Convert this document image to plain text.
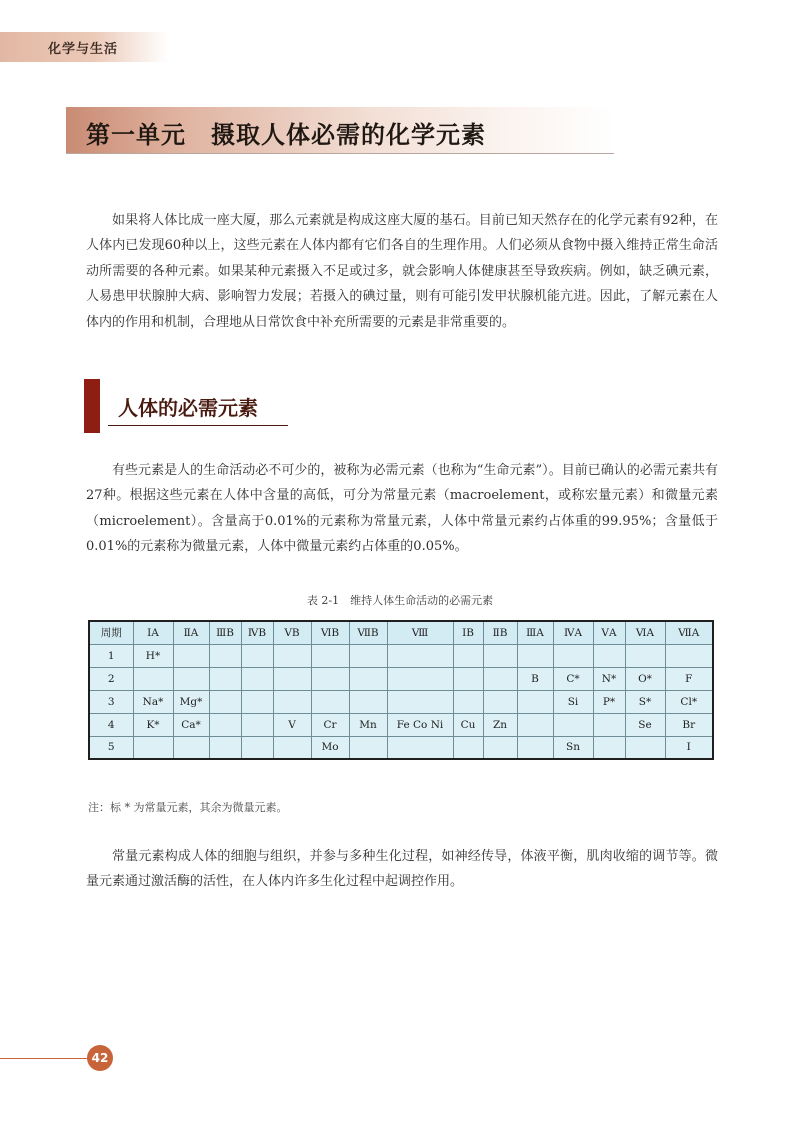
化学与生活
第一单元　摄取人体必需的化学元素

如果将人体比成一座大厦，那么元素就是构成这座大厦的基石。目前已知天然存在的化学元素有92种，在人体内已发现60种以上，这些元素在人体内都有它们各自的生理作用。人们必须从食物中摄入维持正常生命活动所需要的各种元素。如果某种元素摄入不足或过多，就会影响人体健康甚至导致疾病。例如，缺乏碘元素，人易患甲状腺肿大病、影响智力发展；若摄入的碘过量，则有可能引发甲状腺机能亢进。因此，了解元素在人体内的作用和机制，合理地从日常饮食中补充所需要的元素是非常重要的。

人体的必需元素

有些元素是人的生命活动必不可少的，被称为必需元素（也称为“生命元素”）。目前已确认的必需元素共有27种。根据这些元素在人体中含量的高低，可分为常量元素（macroelement，或称宏量元素）和微量元素（microelement）。含量高于0.01%的元素称为常量元素，人体中常量元素约占体重的99.95%；含量低于0.01%的元素称为微量元素，人体中微量元素约占体重的0.05%。

表 2-1　维持人体生命活动的必需元素
周期	ⅠA	ⅡA	ⅢB	ⅣB	ⅤB	ⅥB	ⅦB	Ⅷ	ⅠB	ⅡB	ⅢA	ⅣA	ⅤA	ⅥA	ⅦA
1	H*														
2											B	C*	N*	O*	F
3	Na*	Mg*										Si	P*	S*	Cl*
4	K*	Ca*			V	Cr	Mn	Fe Co Ni	Cu	Zn				Se	Br
5						Mo						Sn			I
注：标 * 为常量元素，其余为微量元素。

常量元素构成人体的细胞与组织，并参与多种生化过程，如神经传导，体液平衡，肌肉收缩的调节等。微量元素通过激活酶的活性，在人体内许多生化过程中起调控作用。

42
